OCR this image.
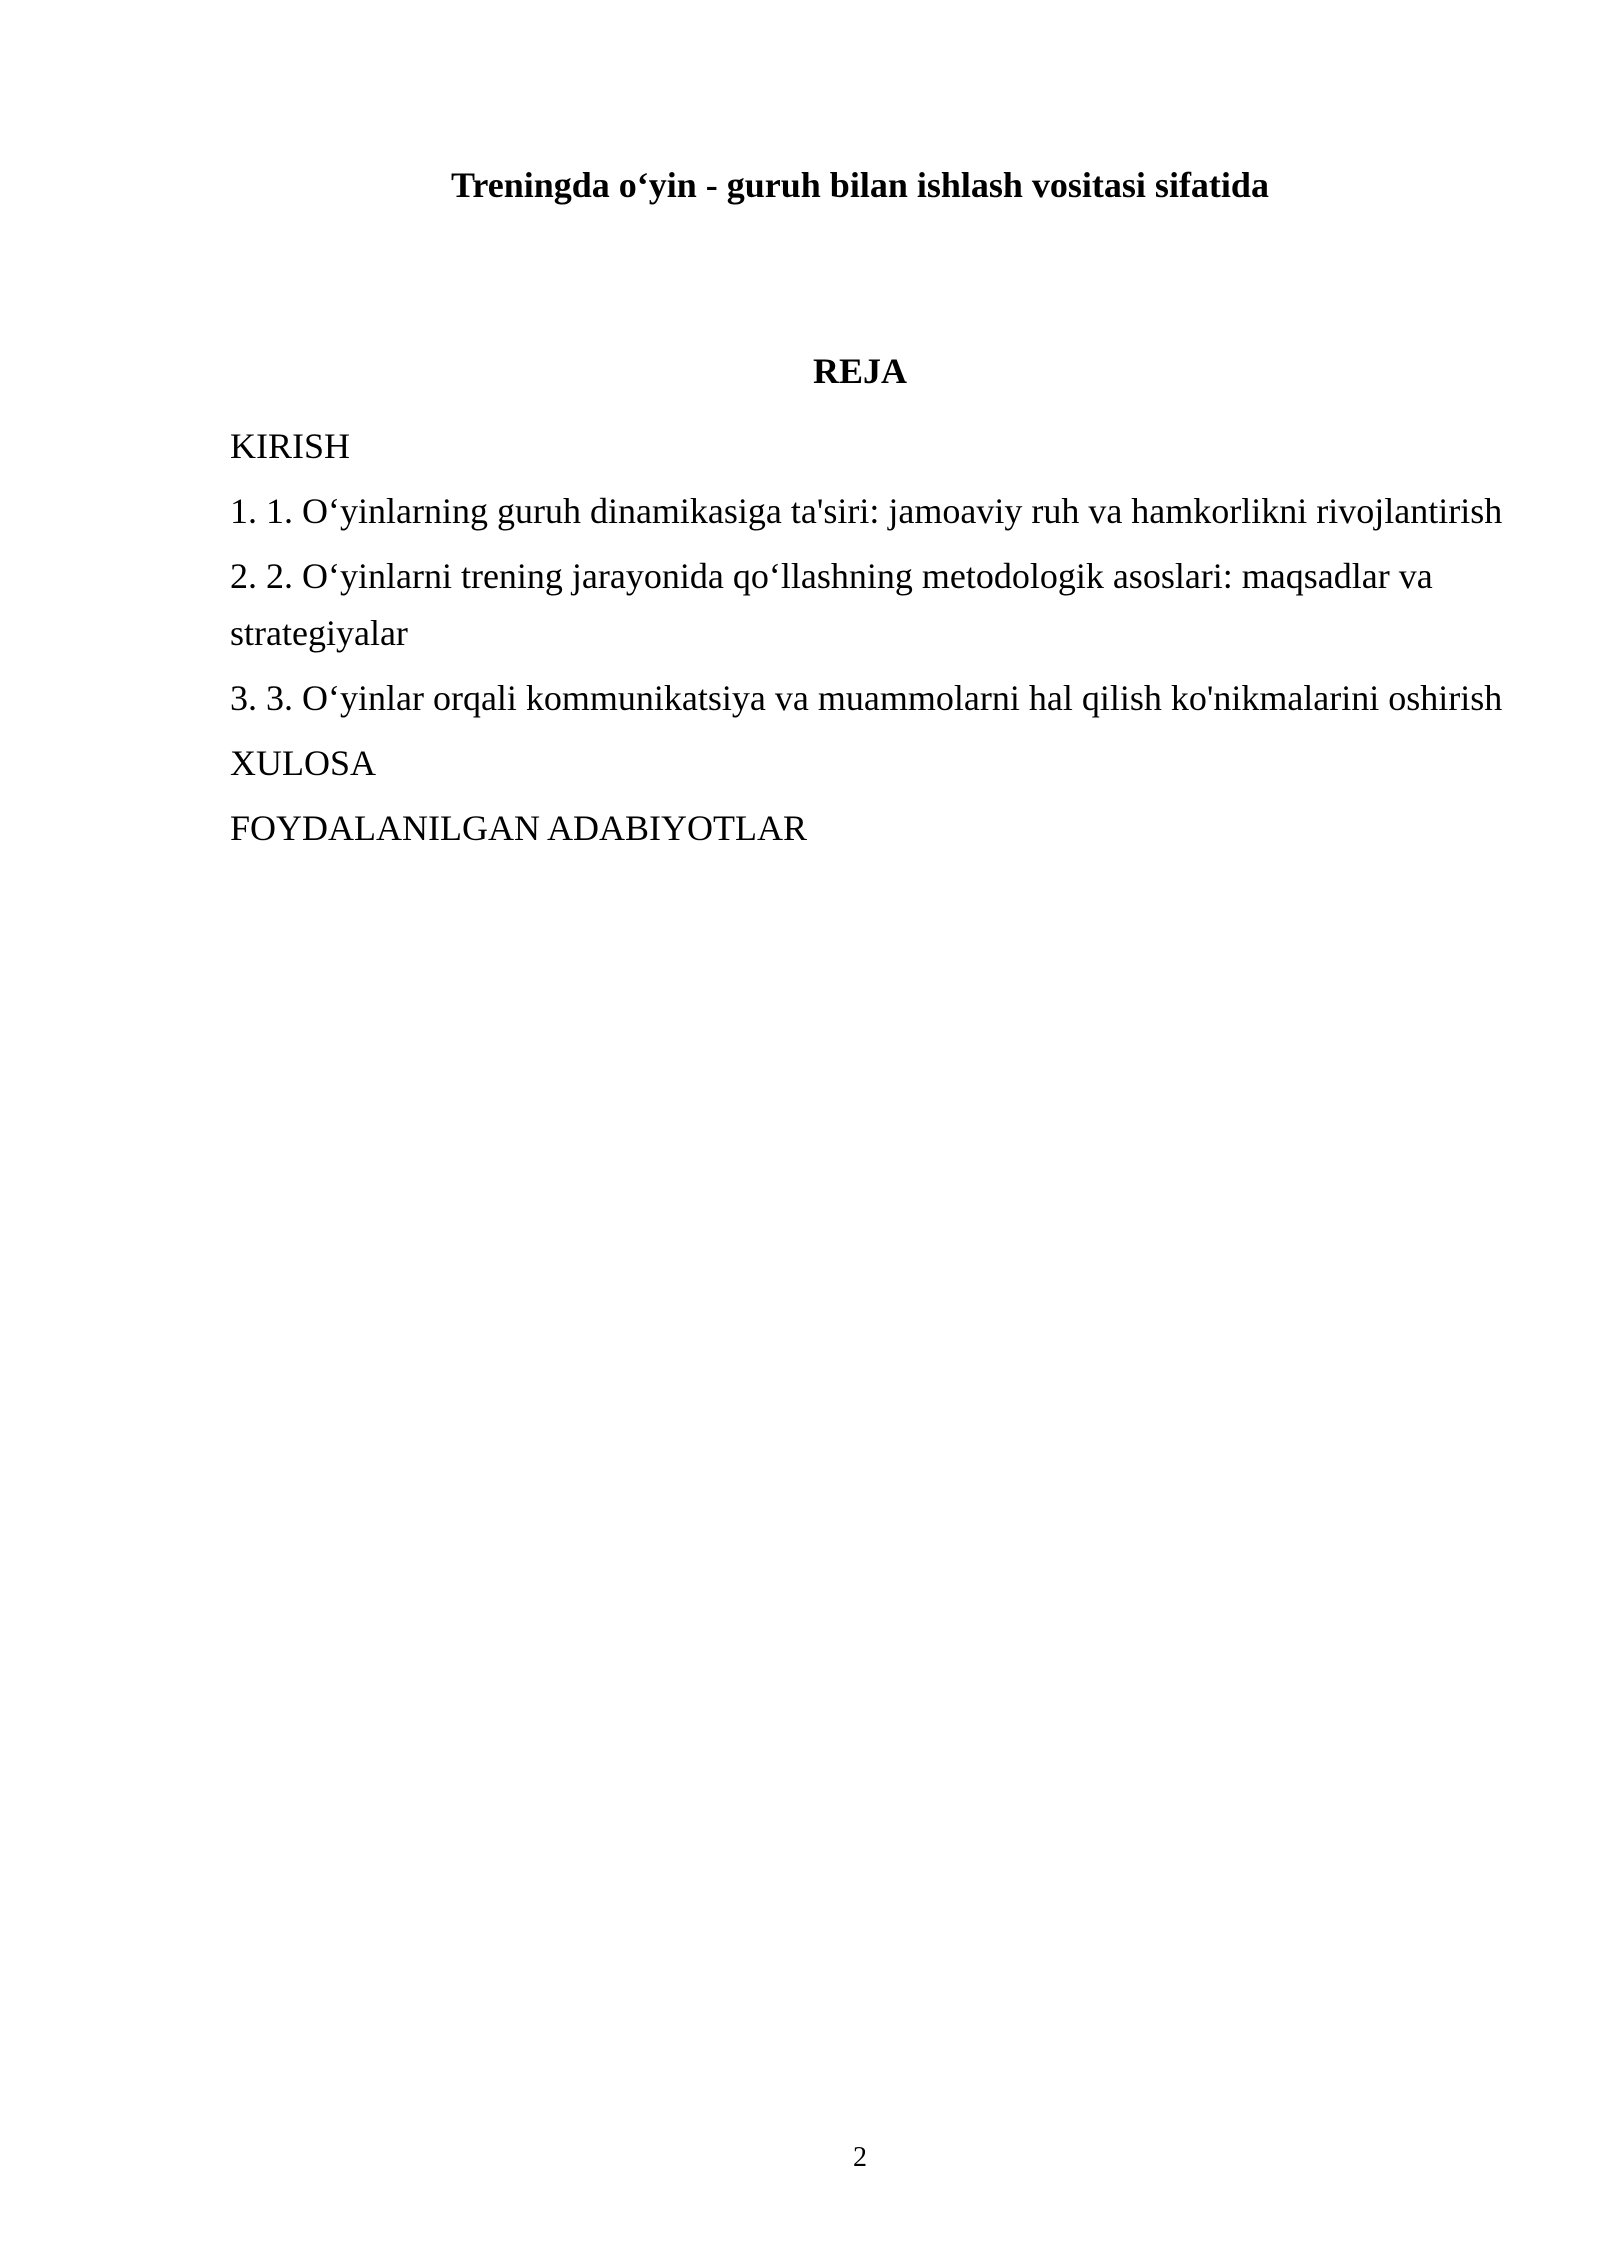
Treningda o‘yin - guruh bilan ishlash vositasi sifatida
REJA
KIRISH
1. 1. O‘yinlarning guruh dinamikasiga ta'siri: jamoaviy ruh va hamkorlikni rivojlantirish
2. 2. O‘yinlarni trening jarayonida qo‘llashning metodologik asoslari: maqsadlar va strategiyalar
3. 3. O‘yinlar orqali kommunikatsiya va muammolarni hal qilish ko'nikmalarini oshirish
XULOSA
FOYDALANILGAN ADABIYOTLAR
2
